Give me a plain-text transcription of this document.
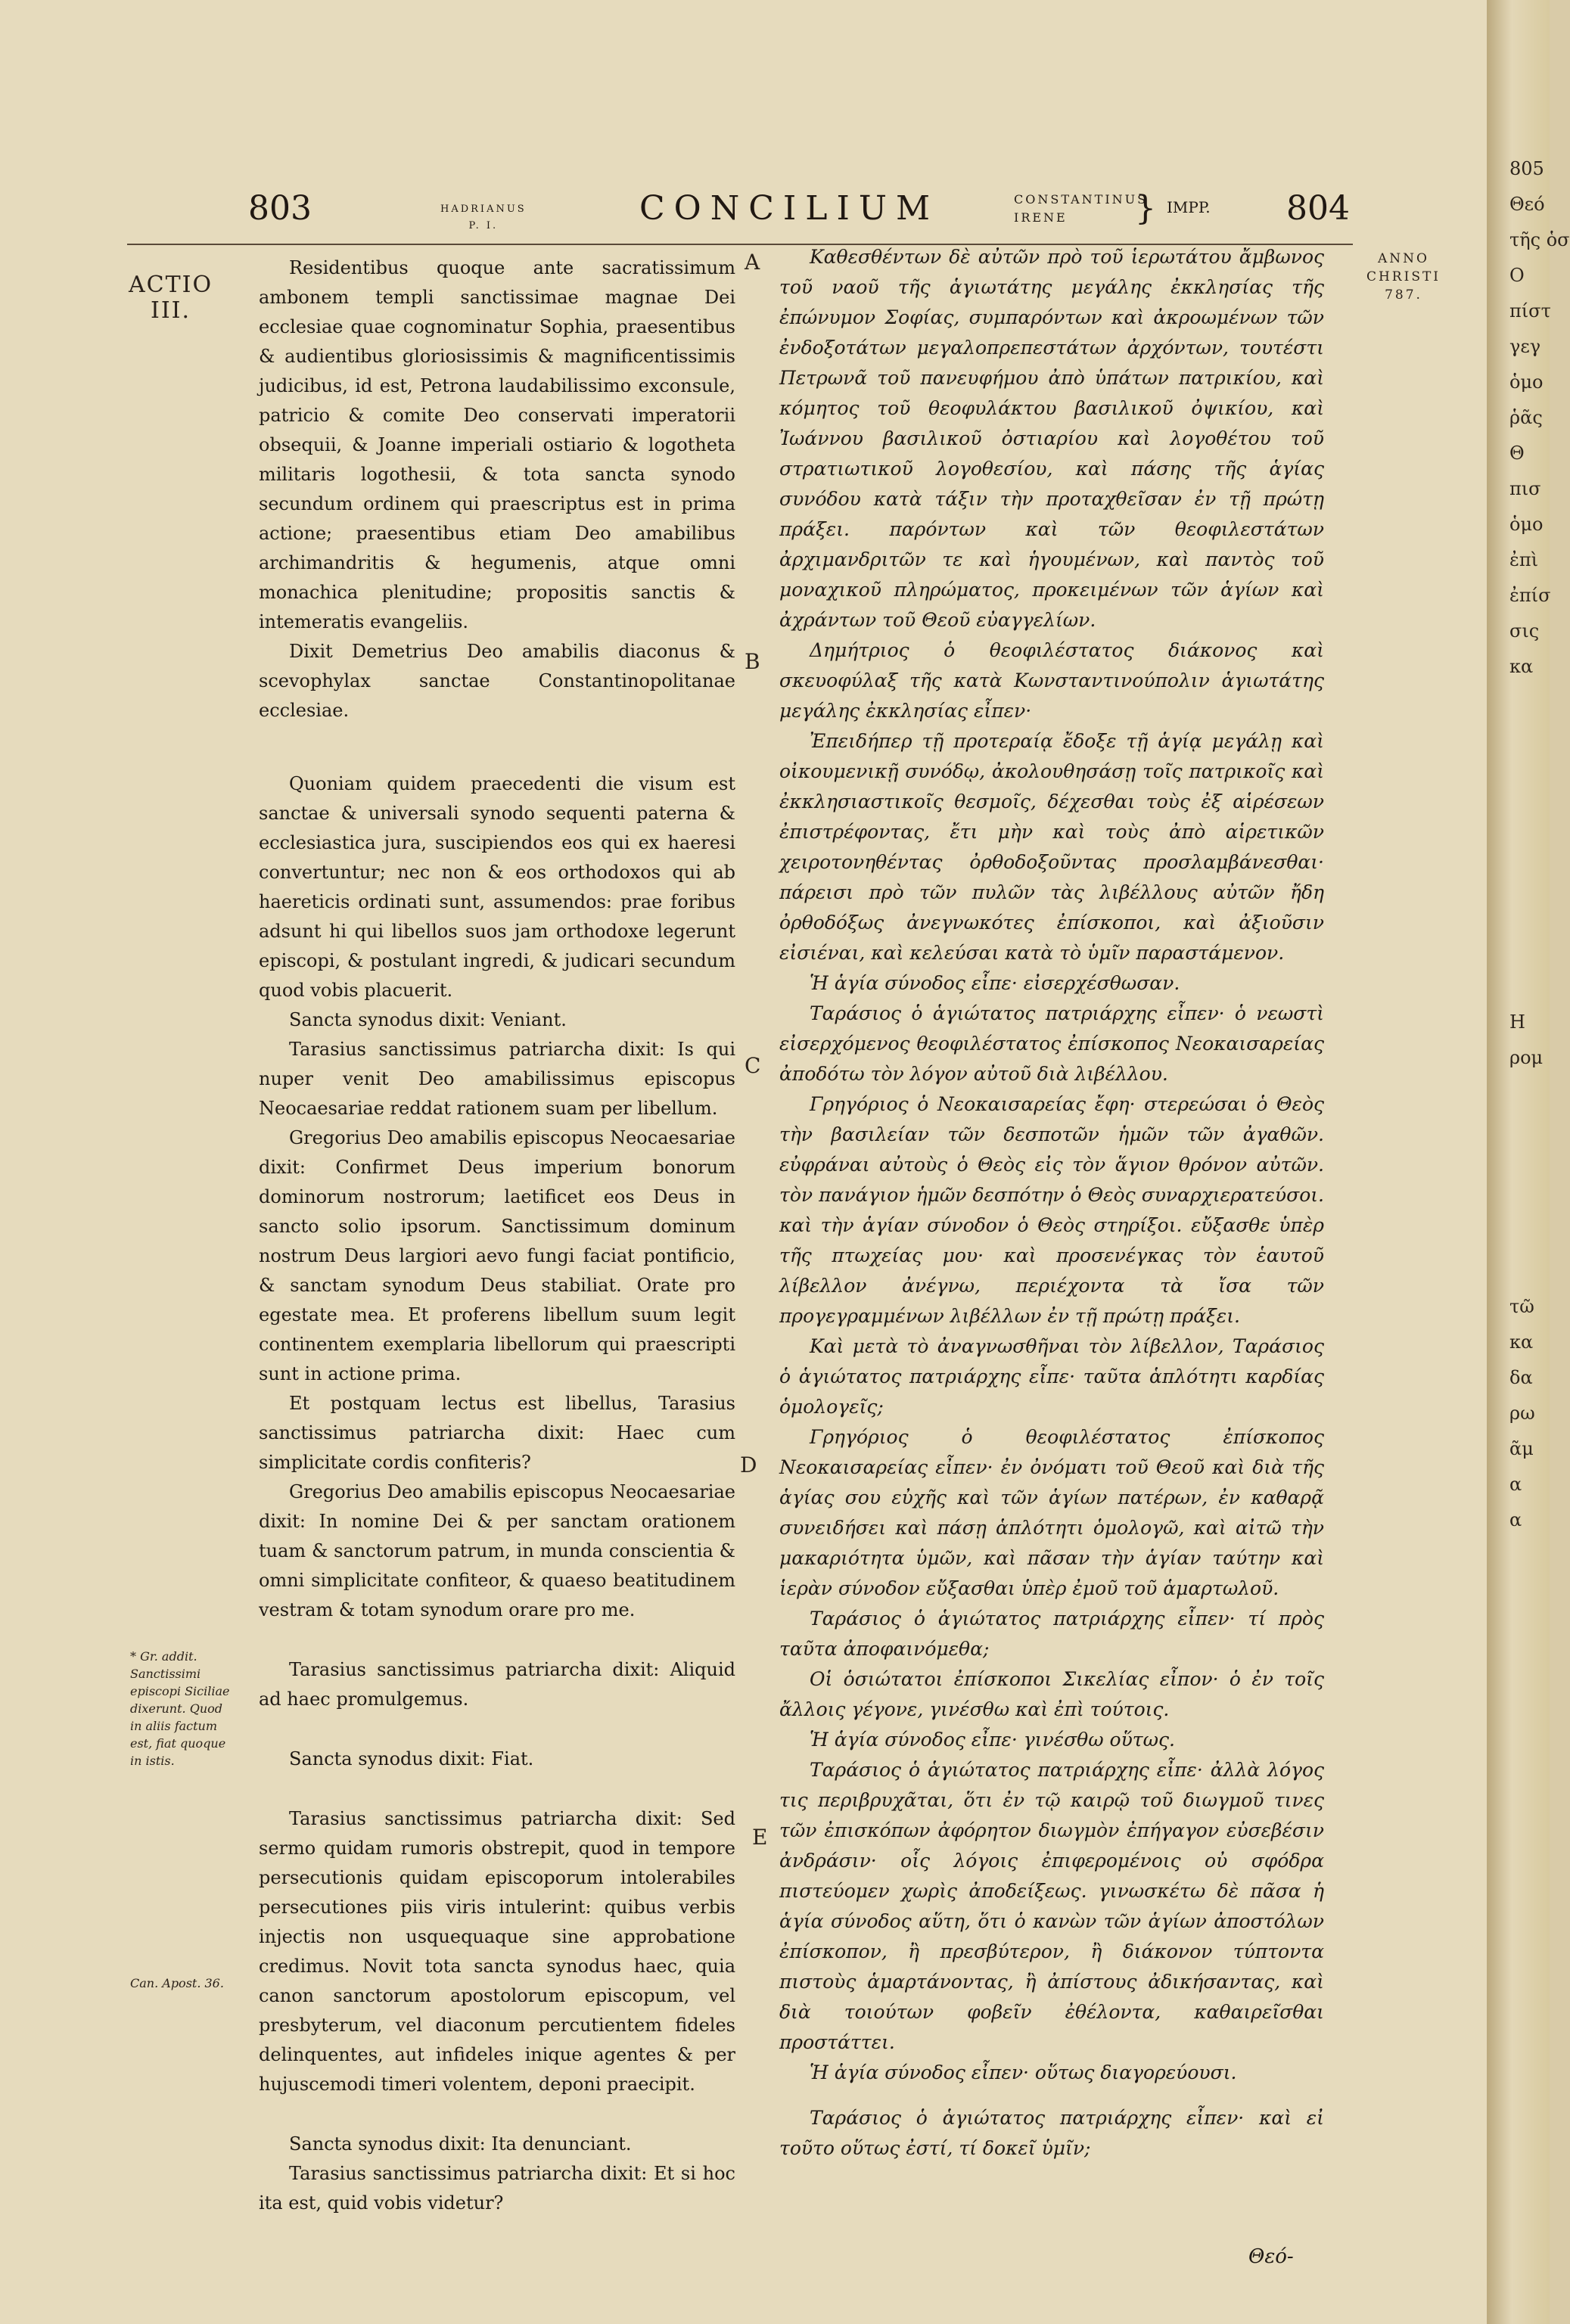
803	HADRIANUS
P. I.	CONCILIUM	CONSTANTINUS
IRENE	} IMPP. 804
ACTIO
III.
ANNO
CHRISTI
787.

Residentibus quoque ante sacratissimum ambonem templi sanctissimae magnae Dei ecclesiae quae cognominatur Sophia, praesentibus & audientibus gloriosissimis & magnificentissimis judicibus, id est, Petrona laudabilissimo exconsule, patricio & comite Deo conservati imperatorii obsequii, & Joanne imperiali ostiario & logotheta militaris logothesii, & tota sancta synodo secundum ordinem qui praescriptus est in prima actione; praesentibus etiam Deo amabilibus archimandritis & hegumenis, atque omni monachica plenitudine; propositis sanctis & intemeratis evangeliis.

Dixit Demetrius Deo amabilis diaconus & scevophylax sanctae Constantinopolitanae ecclesiae.

Quoniam quidem praecedenti die visum est sanctae & universali synodo sequenti paterna & ecclesiastica jura, suscipiendos eos qui ex haeresi convertuntur; nec non & eos orthodoxos qui ab haereticis ordinati sunt, assumendos: prae foribus adsunt hi qui libellos suos jam orthodoxe legerunt episcopi, & postulant ingredi, & judicari secundum quod vobis placuerit.

Sancta synodus dixit: Veniant.

Tarasius sanctissimus patriarcha dixit: Is qui nuper venit Deo amabilissimus episcopus Neocaesariae reddat rationem suam per libellum.

Gregorius Deo amabilis episcopus Neocaesariae dixit: Confirmet Deus imperium bonorum dominorum nostrorum; laetificet eos Deus in sancto solio ipsorum. Sanctissimum dominum nostrum Deus largiori aevo fungi faciat pontificio, & sanctam synodum Deus stabiliat. Orate pro egestate mea. Et proferens libellum suum legit continentem exemplaria libellorum qui praescripti sunt in actione prima.

Et postquam lectus est libellus, Tarasius sanctissimus patriarcha dixit: Haec cum simplicitate cordis confiteris?

Gregorius Deo amabilis episcopus Neocaesariae dixit: In nomine Dei & per sanctam orationem tuam & sanctorum patrum, in munda conscientia & omni simplicitate confiteor, & quaeso beatitudinem vestram & totam synodum orare pro me.

Tarasius sanctissimus patriarcha dixit: Aliquid ad haec promulgemus.

Sancta synodus dixit: Fiat.

Tarasius sanctissimus patriarcha dixit: Sed sermo quidam rumoris obstrepit, quod in tempore persecutionis quidam episcoporum intolerabiles persecutiones piis viris intulerint: quibus verbis injectis non usquequaque sine approbatione credimus. Novit tota sancta synodus haec, quia canon sanctorum apostolorum episcopum, vel presbyterum, vel diaconum percutientem fideles delinquentes, aut infideles inique agentes & per hujuscemodi timeri volentem, deponi praecipit.

Sancta synodus dixit: Ita denunciant.

Tarasius sanctissimus patriarcha dixit: Et si hoc ita est, quid vobis videtur?

A
B
C
D
E
* Gr. addit. Sanctissimi episcopi Siciliae dixerunt. Quod in aliis factum est, fiat quoque in istis.
Can. Apost. 36.

Καθεσθέντων δὲ αὐτῶν πρὸ τοῦ ἱερωτάτου ἄμβωνος τοῦ ναοῦ τῆς ἁγιωτάτης μεγάλης ἐκκλησίας τῆς ἐπώνυμον Σοφίας, συμπαρόντων καὶ ἀκροωμένων τῶν ἐνδοξοτάτων μεγαλοπρεπεστάτων ἀρχόντων, τουτέστι Πετρωνᾶ τοῦ πανευφήμου ἀπὸ ὑπάτων πατρικίου, καὶ κόμητος τοῦ θεοφυλάκτου βασιλικοῦ ὀψικίου, καὶ Ἰωάννου βασιλικοῦ ὀστιαρίου καὶ λογοθέτου τοῦ στρατιωτικοῦ λογοθεσίου, καὶ πάσης τῆς ἁγίας συνόδου κατὰ τάξιν τὴν προταχθεῖσαν ἐν τῇ πρώτῃ πράξει. παρόντων καὶ τῶν θεοφιλεστάτων ἀρχιμανδριτῶν τε καὶ ἡγουμένων, καὶ παντὸς τοῦ μοναχικοῦ πληρώματος, προκειμένων τῶν ἁγίων καὶ ἀχράντων τοῦ Θεοῦ εὐαγγελίων.

Δημήτριος ὁ θεοφιλέστατος διάκονος καὶ σκευοφύλαξ τῆς κατὰ Κωνσταντινούπολιν ἁγιωτάτης μεγάλης ἐκκλησίας εἶπεν·

Ἐπειδήπερ τῇ προτεραίᾳ ἔδοξε τῇ ἁγίᾳ μεγάλῃ καὶ οἰκουμενικῇ συνόδῳ, ἀκολουθησάσῃ τοῖς πατρικοῖς καὶ ἐκκλησιαστικοῖς θεσμοῖς, δέχεσθαι τοὺς ἐξ αἱρέσεων ἐπιστρέφοντας, ἔτι μὴν καὶ τοὺς ἀπὸ αἱρετικῶν χειροτονηθέντας ὀρθοδοξοῦντας προσλαμβάνεσθαι· πάρεισι πρὸ τῶν πυλῶν τὰς λιβέλλους αὐτῶν ἤδη ὀρθοδόξως ἀνεγνωκότες ἐπίσκοποι, καὶ ἀξιοῦσιν εἰσιέναι, καὶ κελεύσαι κατὰ τὸ ὑμῖν παραστάμενον.

Ἡ ἁγία σύνοδος εἶπε· εἰσερχέσθωσαν.

Ταράσιος ὁ ἁγιώτατος πατριάρχης εἶπεν· ὁ νεωστὶ εἰσερχόμενος θεοφιλέστατος ἐπίσκοπος Νεοκαισαρείας ἀποδότω τὸν λόγον αὐτοῦ διὰ λιβέλλου.

Γρηγόριος ὁ Νεοκαισαρείας ἔφη· στερεώσαι ὁ Θεὸς τὴν βασιλείαν τῶν δεσποτῶν ἡμῶν τῶν ἀγαθῶν. εὐφράναι αὐτοὺς ὁ Θεὸς εἰς τὸν ἅγιον θρόνον αὐτῶν. τὸν πανάγιον ἡμῶν δεσπότην ὁ Θεὸς συναρχιερατεύσοι. καὶ τὴν ἁγίαν σύνοδον ὁ Θεὸς στηρίξοι. εὔξασθε ὑπὲρ τῆς πτωχείας μου· καὶ προσενέγκας τὸν ἑαυτοῦ λίβελλον ἀνέγνω, περιέχοντα τὰ ἴσα τῶν προγεγραμμένων λιβέλλων ἐν τῇ πρώτῃ πράξει.

Καὶ μετὰ τὸ ἀναγνωσθῆναι τὸν λίβελλον, Ταράσιος ὁ ἁγιώτατος πατριάρχης εἶπε· ταῦτα ἁπλότητι καρδίας ὁμολογεῖς;

Γρηγόριος ὁ θεοφιλέστατος ἐπίσκοπος Νεοκαισαρείας εἶπεν· ἐν ὀνόματι τοῦ Θεοῦ καὶ διὰ τῆς ἁγίας σου εὐχῆς καὶ τῶν ἁγίων πατέρων, ἐν καθαρᾷ συνειδήσει καὶ πάσῃ ἁπλότητι ὁμολογῶ, καὶ αἰτῶ τὴν μακαριότητα ὑμῶν, καὶ πᾶσαν τὴν ἁγίαν ταύτην καὶ ἱερὰν σύνοδον εὔξασθαι ὑπὲρ ἐμοῦ τοῦ ἁμαρτωλοῦ.

Ταράσιος ὁ ἁγιώτατος πατριάρχης εἶπεν· τί πρὸς ταῦτα ἀποφαινόμεθα;

Οἱ ὁσιώτατοι ἐπίσκοποι Σικελίας εἶπον· ὁ ἐν τοῖς ἄλλοις γέγονε, γινέσθω καὶ ἐπὶ τούτοις.

Ἡ ἁγία σύνοδος εἶπε· γινέσθω οὕτως.

Ταράσιος ὁ ἁγιώτατος πατριάρχης εἶπε· ἀλλὰ λόγος τις περιβρυχᾶται, ὅτι ἐν τῷ καιρῷ τοῦ διωγμοῦ τινες τῶν ἐπισκόπων ἀφόρητον διωγμὸν ἐπήγαγον εὐσεβέσιν ἀνδράσιν· οἷς λόγοις ἐπιφερομένοις οὐ σφόδρα πιστεύομεν χωρὶς ἀποδείξεως. γινωσκέτω δὲ πᾶσα ἡ ἁγία σύνοδος αὕτη, ὅτι ὁ κανὼν τῶν ἁγίων ἀποστόλων ἐπίσκοπον, ἢ πρεσβύτερον, ἢ διάκονον τύπτοντα πιστοὺς ἁμαρτάνοντας, ἢ ἀπίστους ἀδικήσαντας, καὶ διὰ τοιούτων φοβεῖν ἐθέλοντα, καθαιρεῖσθαι προστάττει.

Ἡ ἁγία σύνοδος εἶπεν· οὕτως διαγορεύουσι.

Ταράσιος ὁ ἁγιώτατος πατριάρχης εἶπεν· καὶ εἰ τοῦτο οὕτως ἐστί, τί δοκεῖ ὑμῖν;

Θεό-
805
Θεό
τῆς ὁσ
Ο
πίστ
γεγ
ὁμο
ῥᾶς
Θ
πισ
ὁμο
ἐπὶ
ἐπίσ
σις
κα

Η
ρομ

τῶ
κα
δα
ρω
ᾶμ
α
α
